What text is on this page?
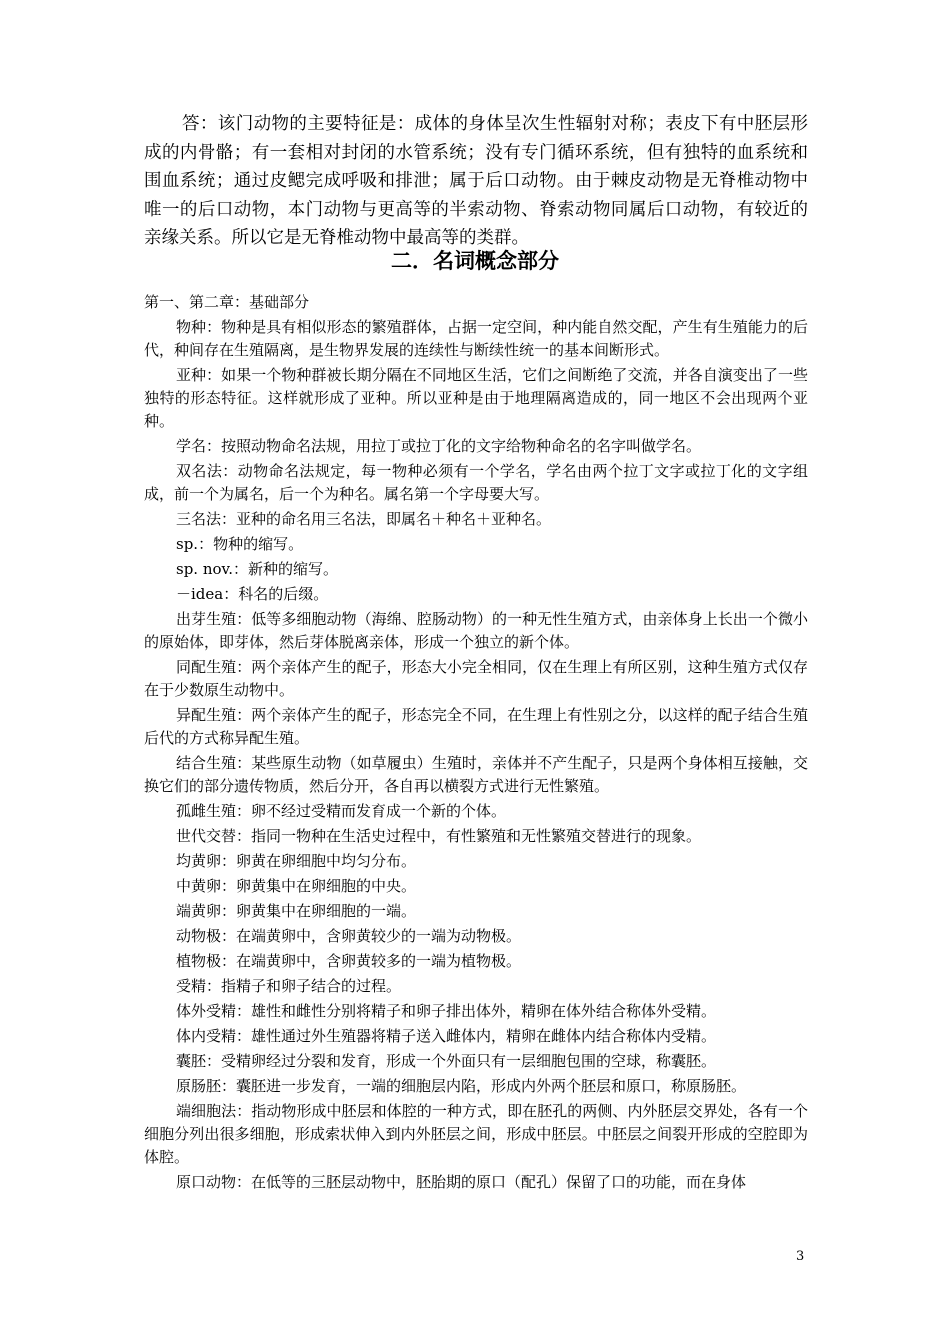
答：该门动物的主要特征是：成体的身体呈次生性辐射对称；表皮下有中胚层形成的内骨骼；有一套相对封闭的水管系统；没有专门循环系统，但有独特的血系统和围血系统；通过皮鳃完成呼吸和排泄；属于后口动物。由于棘皮动物是无脊椎动物中唯一的后口动物，本门动物与更高等的半索动物、脊索动物同属后口动物，有较近的亲缘关系。所以它是无脊椎动物中最高等的类群。

二．名词概念部分

第一、第二章：基础部分

物种：物种是具有相似形态的繁殖群体，占据一定空间，种内能自然交配，产生有生殖能力的后代，种间存在生殖隔离，是生物界发展的连续性与断续性统一的基本间断形式。

亚种：如果一个物种群被长期分隔在不同地区生活，它们之间断绝了交流，并各自演变出了一些独特的形态特征。这样就形成了亚种。所以亚种是由于地理隔离造成的，同一地区不会出现两个亚种。

学名：按照动物命名法规，用拉丁或拉丁化的文字给物种命名的名字叫做学名。

双名法：动物命名法规定，每一物种必须有一个学名，学名由两个拉丁文字或拉丁化的文字组成，前一个为属名，后一个为种名。属名第一个字母要大写。

三名法：亚种的命名用三名法，即属名＋种名＋亚种名。

sp.：物种的缩写。

sp. nov.：新种的缩写。

－idea：科名的后缀。

出芽生殖：低等多细胞动物（海绵、腔肠动物）的一种无性生殖方式，由亲体身上长出一个微小的原始体，即芽体，然后芽体脱离亲体，形成一个独立的新个体。

同配生殖：两个亲体产生的配子，形态大小完全相同，仅在生理上有所区别，这种生殖方式仅存在于少数原生动物中。

异配生殖：两个亲体产生的配子，形态完全不同，在生理上有性别之分，以这样的配子结合生殖后代的方式称异配生殖。

结合生殖：某些原生动物（如草履虫）生殖时，亲体并不产生配子，只是两个身体相互接触，交换它们的部分遗传物质，然后分开，各自再以横裂方式进行无性繁殖。

孤雌生殖：卵不经过受精而发育成一个新的个体。

世代交替：指同一物种在生活史过程中，有性繁殖和无性繁殖交替进行的现象。

均黄卵：卵黄在卵细胞中均匀分布。

中黄卵：卵黄集中在卵细胞的中央。

端黄卵：卵黄集中在卵细胞的一端。

动物极：在端黄卵中，含卵黄较少的一端为动物极。

植物极：在端黄卵中，含卵黄较多的一端为植物极。

受精：指精子和卵子结合的过程。

体外受精：雄性和雌性分别将精子和卵子排出体外，精卵在体外结合称体外受精。

体内受精：雄性通过外生殖器将精子送入雌体内，精卵在雌体内结合称体内受精。

囊胚：受精卵经过分裂和发育，形成一个外面只有一层细胞包围的空球，称囊胚。

原肠胚：囊胚进一步发育，一端的细胞层内陷，形成内外两个胚层和原口，称原肠胚。

端细胞法：指动物形成中胚层和体腔的一种方式，即在胚孔的两侧、内外胚层交界处，各有一个细胞分列出很多细胞，形成索状伸入到内外胚层之间，形成中胚层。中胚层之间裂开形成的空腔即为体腔。

原口动物：在低等的三胚层动物中，胚胎期的原口（配孔）保留了口的功能，而在身体

3
